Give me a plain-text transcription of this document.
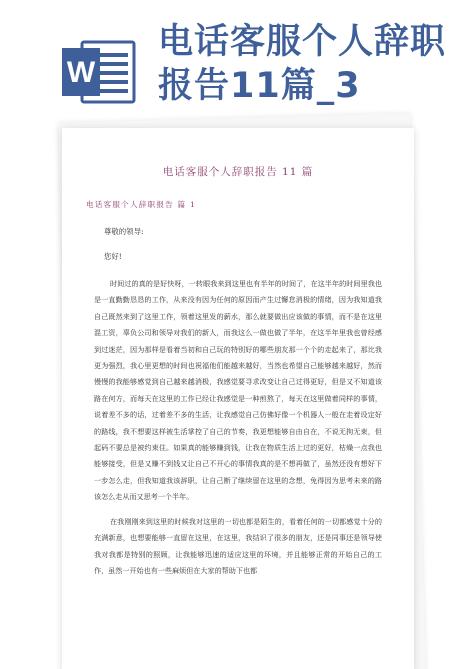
W
电话客服个人辞职
报告11篇_3
电话客服个人辞职报告 11 篇
电话客服个人辞职报告 篇 1
尊敬的领导:
您好!

时间过的真的是好快呀，一转眼我来到这里也有半年的时间了，在这半年的时间里我也是一直勤勤恳恳的工作，从来没有因为任何的原因而产生过懈怠消极的情绪，因为我知道我自己既然来到了这里工作，领着这里发的薪水，那么就要做出应该做的事情，而不是在这里混工资，辜负公司和领导对我们的新人，而我这么一做也做了半年，在这半年里我也曾经感到过迷茫，因为那样是看着当初和自己玩的特别好的哪些朋友那一个个的走起来了，那比我更为强烈，我心里更想的时间也祝福他们能越来越好，当然也希望自己能够越来越好，然而慢慢的我能够感觉到自己越来越消极，我感觉要寻求改变让自己过得更好，但是又不知道该路在何方，而每天在这里的工作已经让我感觉是一种煎熬了，每天在这里做着同样的事情，说着差不多的话，过着差不多的生活，让我感觉自己仿佛好像一个机器人一般在走着设定好的路线，我不想要这样被生活掌控了自己的节奏，我更想能够自由自在，不说无拘无束，但起码不要总是被约束住。如果真的能够赚到钱，让我在物质生活上过的更好，枯燥一点我也能够接受，但是又赚不到钱又让自己不开心的事情我真的是不想再做了，虽然还没有想好下一步怎么走，但我知道我该辞职，让自己断了继续留在这里的念想，免得因为思考未来的路该怎么走从而又思考一个半年。

在我刚刚来到这里的时候我对这里的一切也都是陌生的，看着任何的一切都感觉十分的充满新意，也想要能够一直留在这里，在这里，我结识了很多的朋友，还是同事还是领导使我对我都是特别的照顾，让我能够迅速的适应这里的环境，并且能够正常的开始自己的工作，虽然一开始也有一些麻烦但在大家的帮助下也都
